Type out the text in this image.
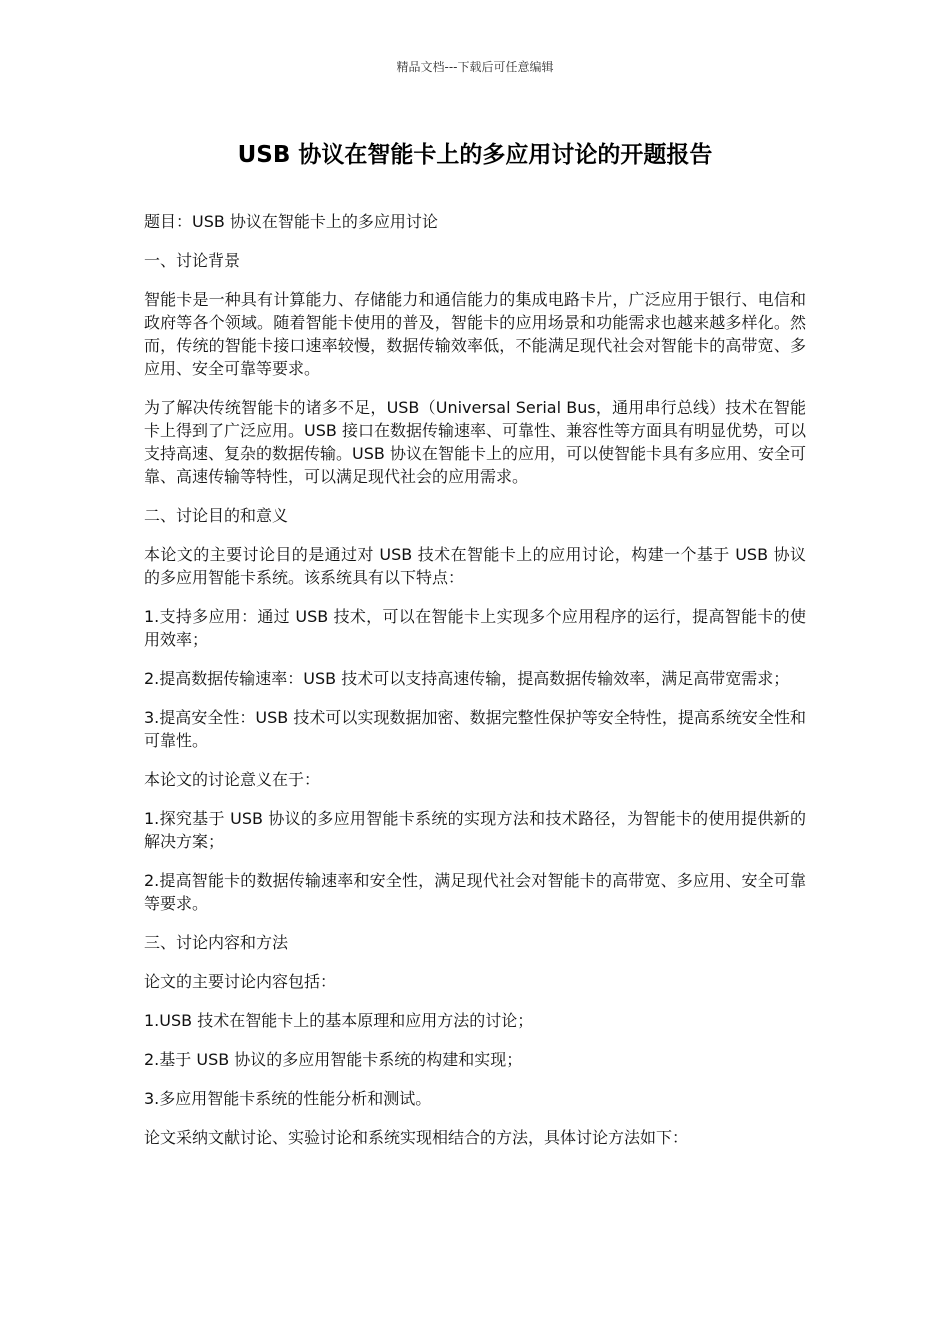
精品文档---下载后可任意编辑
USB 协议在智能卡上的多应用讨论的开题报告

题目：USB 协议在智能卡上的多应用讨论

一、讨论背景

智能卡是一种具有计算能力、存储能力和通信能力的集成电路卡片，广泛应用于银行、电信和政府等各个领域。随着智能卡使用的普及，智能卡的应用场景和功能需求也越来越多样化。然而，传统的智能卡接口速率较慢，数据传输效率低，不能满足现代社会对智能卡的高带宽、多应用、安全可靠等要求。

为了解决传统智能卡的诸多不足，USB（Universal Serial Bus，通用串行总线）技术在智能卡上得到了广泛应用。USB 接口在数据传输速率、可靠性、兼容性等方面具有明显优势，可以支持高速、复杂的数据传输。USB 协议在智能卡上的应用，可以使智能卡具有多应用、安全可靠、高速传输等特性，可以满足现代社会的应用需求。

二、讨论目的和意义

本论文的主要讨论目的是通过对 USB 技术在智能卡上的应用讨论，构建一个基于 USB 协议的多应用智能卡系统。该系统具有以下特点：

1.支持多应用：通过 USB 技术，可以在智能卡上实现多个应用程序的运行，提高智能卡的使用效率；

2.提高数据传输速率：USB 技术可以支持高速传输，提高数据传输效率，满足高带宽需求；

3.提高安全性：USB 技术可以实现数据加密、数据完整性保护等安全特性，提高系统安全性和可靠性。

本论文的讨论意义在于：

1.探究基于 USB 协议的多应用智能卡系统的实现方法和技术路径，为智能卡的使用提供新的解决方案；

2.提高智能卡的数据传输速率和安全性，满足现代社会对智能卡的高带宽、多应用、安全可靠等要求。

三、讨论内容和方法

论文的主要讨论内容包括：

1.USB 技术在智能卡上的基本原理和应用方法的讨论；

2.基于 USB 协议的多应用智能卡系统的构建和实现；

3.多应用智能卡系统的性能分析和测试。

论文采纳文献讨论、实验讨论和系统实现相结合的方法，具体讨论方法如下：
